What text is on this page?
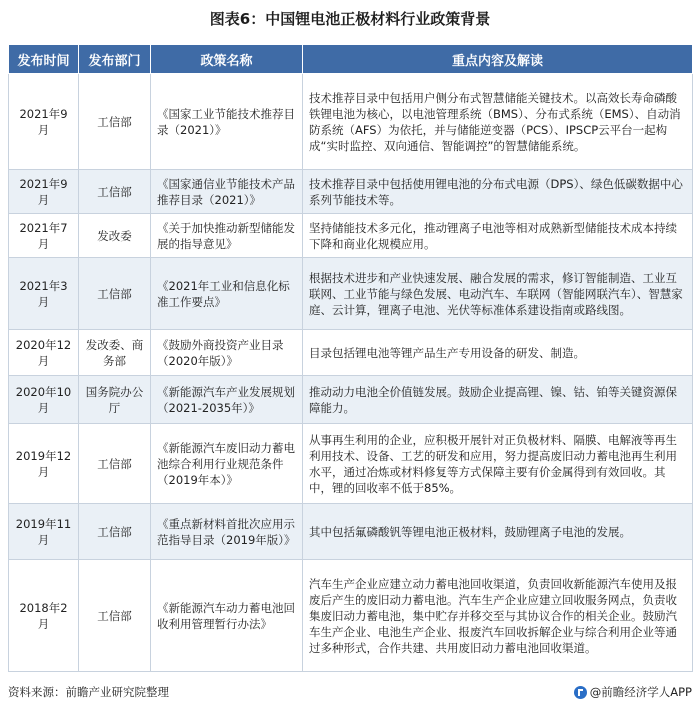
图表6：中国锂电池正极材料行业政策背景
发布时间	发布部门	政策名称	重点内容及解读
2021年9月	工信部	《国家工业节能技术推荐目录（2021）》	技术推荐目录中包括用户侧分布式智慧储能关键技术。以高效长寿命磷酸铁锂电池为核心，以电池管理系统（BMS）、分布式系统（EMS）、自动消防系统（AFS）为依托，并与储能逆变器（PCS）、IPSCP云平台一起构成“实时监控、双向通信、智能调控”的智慧储能系统。
2021年9月	工信部	《国家通信业节能技术产品推荐目录（2021）》	技术推荐目录中包括使用锂电池的分布式电源（DPS）、绿色低碳数据中心系列节能技术等。
2021年7月	发改委	《关于加快推动新型储能发展的指导意见》	坚持储能技术多元化，推动锂离子电池等相对成熟新型储能技术成本持续下降和商业化规模应用。
2021年3月	工信部	《2021年工业和信息化标准工作要点》	根据技术进步和产业快速发展、融合发展的需求，修订智能制造、工业互联网、工业节能与绿色发展、电动汽车、车联网（智能网联汽车）、智慧家庭、云计算，锂离子电池、光伏等标准体系建设指南或路线图。
2020年12月	发改委、商务部	《鼓励外商投资产业目录（2020年版）》	目录包括锂电池等锂产品生产专用设备的研发、制造。
2020年10月	国务院办公厅	《新能源汽车产业发展规划（2021-2035年）》	推动动力电池全价值链发展。鼓励企业提高锂、镍、钴、铂等关键资源保障能力。
2019年12月	工信部	《新能源汽车废旧动力蓄电池综合利用行业规范条件（2019年本）》	从事再生利用的企业，应积极开展针对正负极材料、隔膜、电解液等再生利用技术、设备、工艺的研发和应用，努力提高废旧动力蓄电池再生利用水平，通过冶炼或材料修复等方式保障主要有价金属得到有效回收。其中，锂的回收率不低于85%。
2019年11月	工信部	《重点新材料首批次应用示范指导目录（2019年版）》	其中包括氟磷酸钒等锂电池正极材料，鼓励锂离子电池的发展。
2018年2月	工信部	《新能源汽车动力蓄电池回收利用管理暂行办法》	汽车生产企业应建立动力蓄电池回收渠道，负责回收新能源汽车使用及报废后产生的废旧动力蓄电池。汽车生产企业应建立回收服务网点，负责收集废旧动力蓄电池，集中贮存并移交至与其协议合作的相关企业。鼓励汽车生产企业、电池生产企业、报废汽车回收拆解企业与综合利用企业等通过多种形式，合作共建、共用废旧动力蓄电池回收渠道。
资料来源：前瞻产业研究院整理	@前瞻经济学人APP
